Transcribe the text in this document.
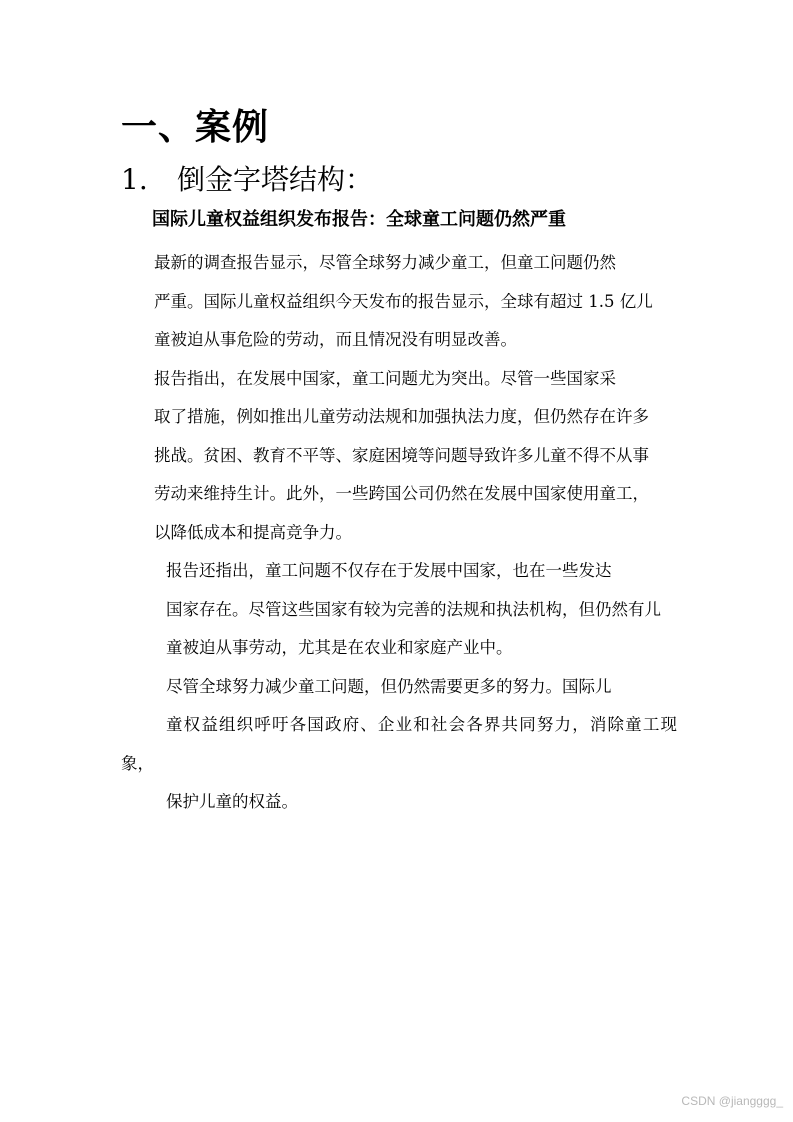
一、案例
1. 倒金字塔结构：
国际儿童权益组织发布报告：全球童工问题仍然严重

最新的调查报告显示，尽管全球努力减少童工，但童工问题仍然
严重。国际儿童权益组织今天发布的报告显示，全球有超过 1.5 亿儿
童被迫从事危险的劳动，而且情况没有明显改善。

报告指出，在发展中国家，童工问题尤为突出。尽管一些国家采
取了措施，例如推出儿童劳动法规和加强执法力度，但仍然存在许多
挑战。贫困、教育不平等、家庭困境等问题导致许多儿童不得不从事
劳动来维持生计。此外，一些跨国公司仍然在发展中国家使用童工，
以降低成本和提高竞争力。

报告还指出，童工问题不仅存在于发展中国家，也在一些发达
国家存在。尽管这些国家有较为完善的法规和执法机构，但仍然有儿
童被迫从事劳动，尤其是在农业和家庭产业中。

尽管全球努力减少童工问题，但仍然需要更多的努力。国际儿
童权益组织呼吁各国政府、企业和社会各界共同努力，消除童工现象，
保护儿童的权益。

CSDN @jiangggg_
